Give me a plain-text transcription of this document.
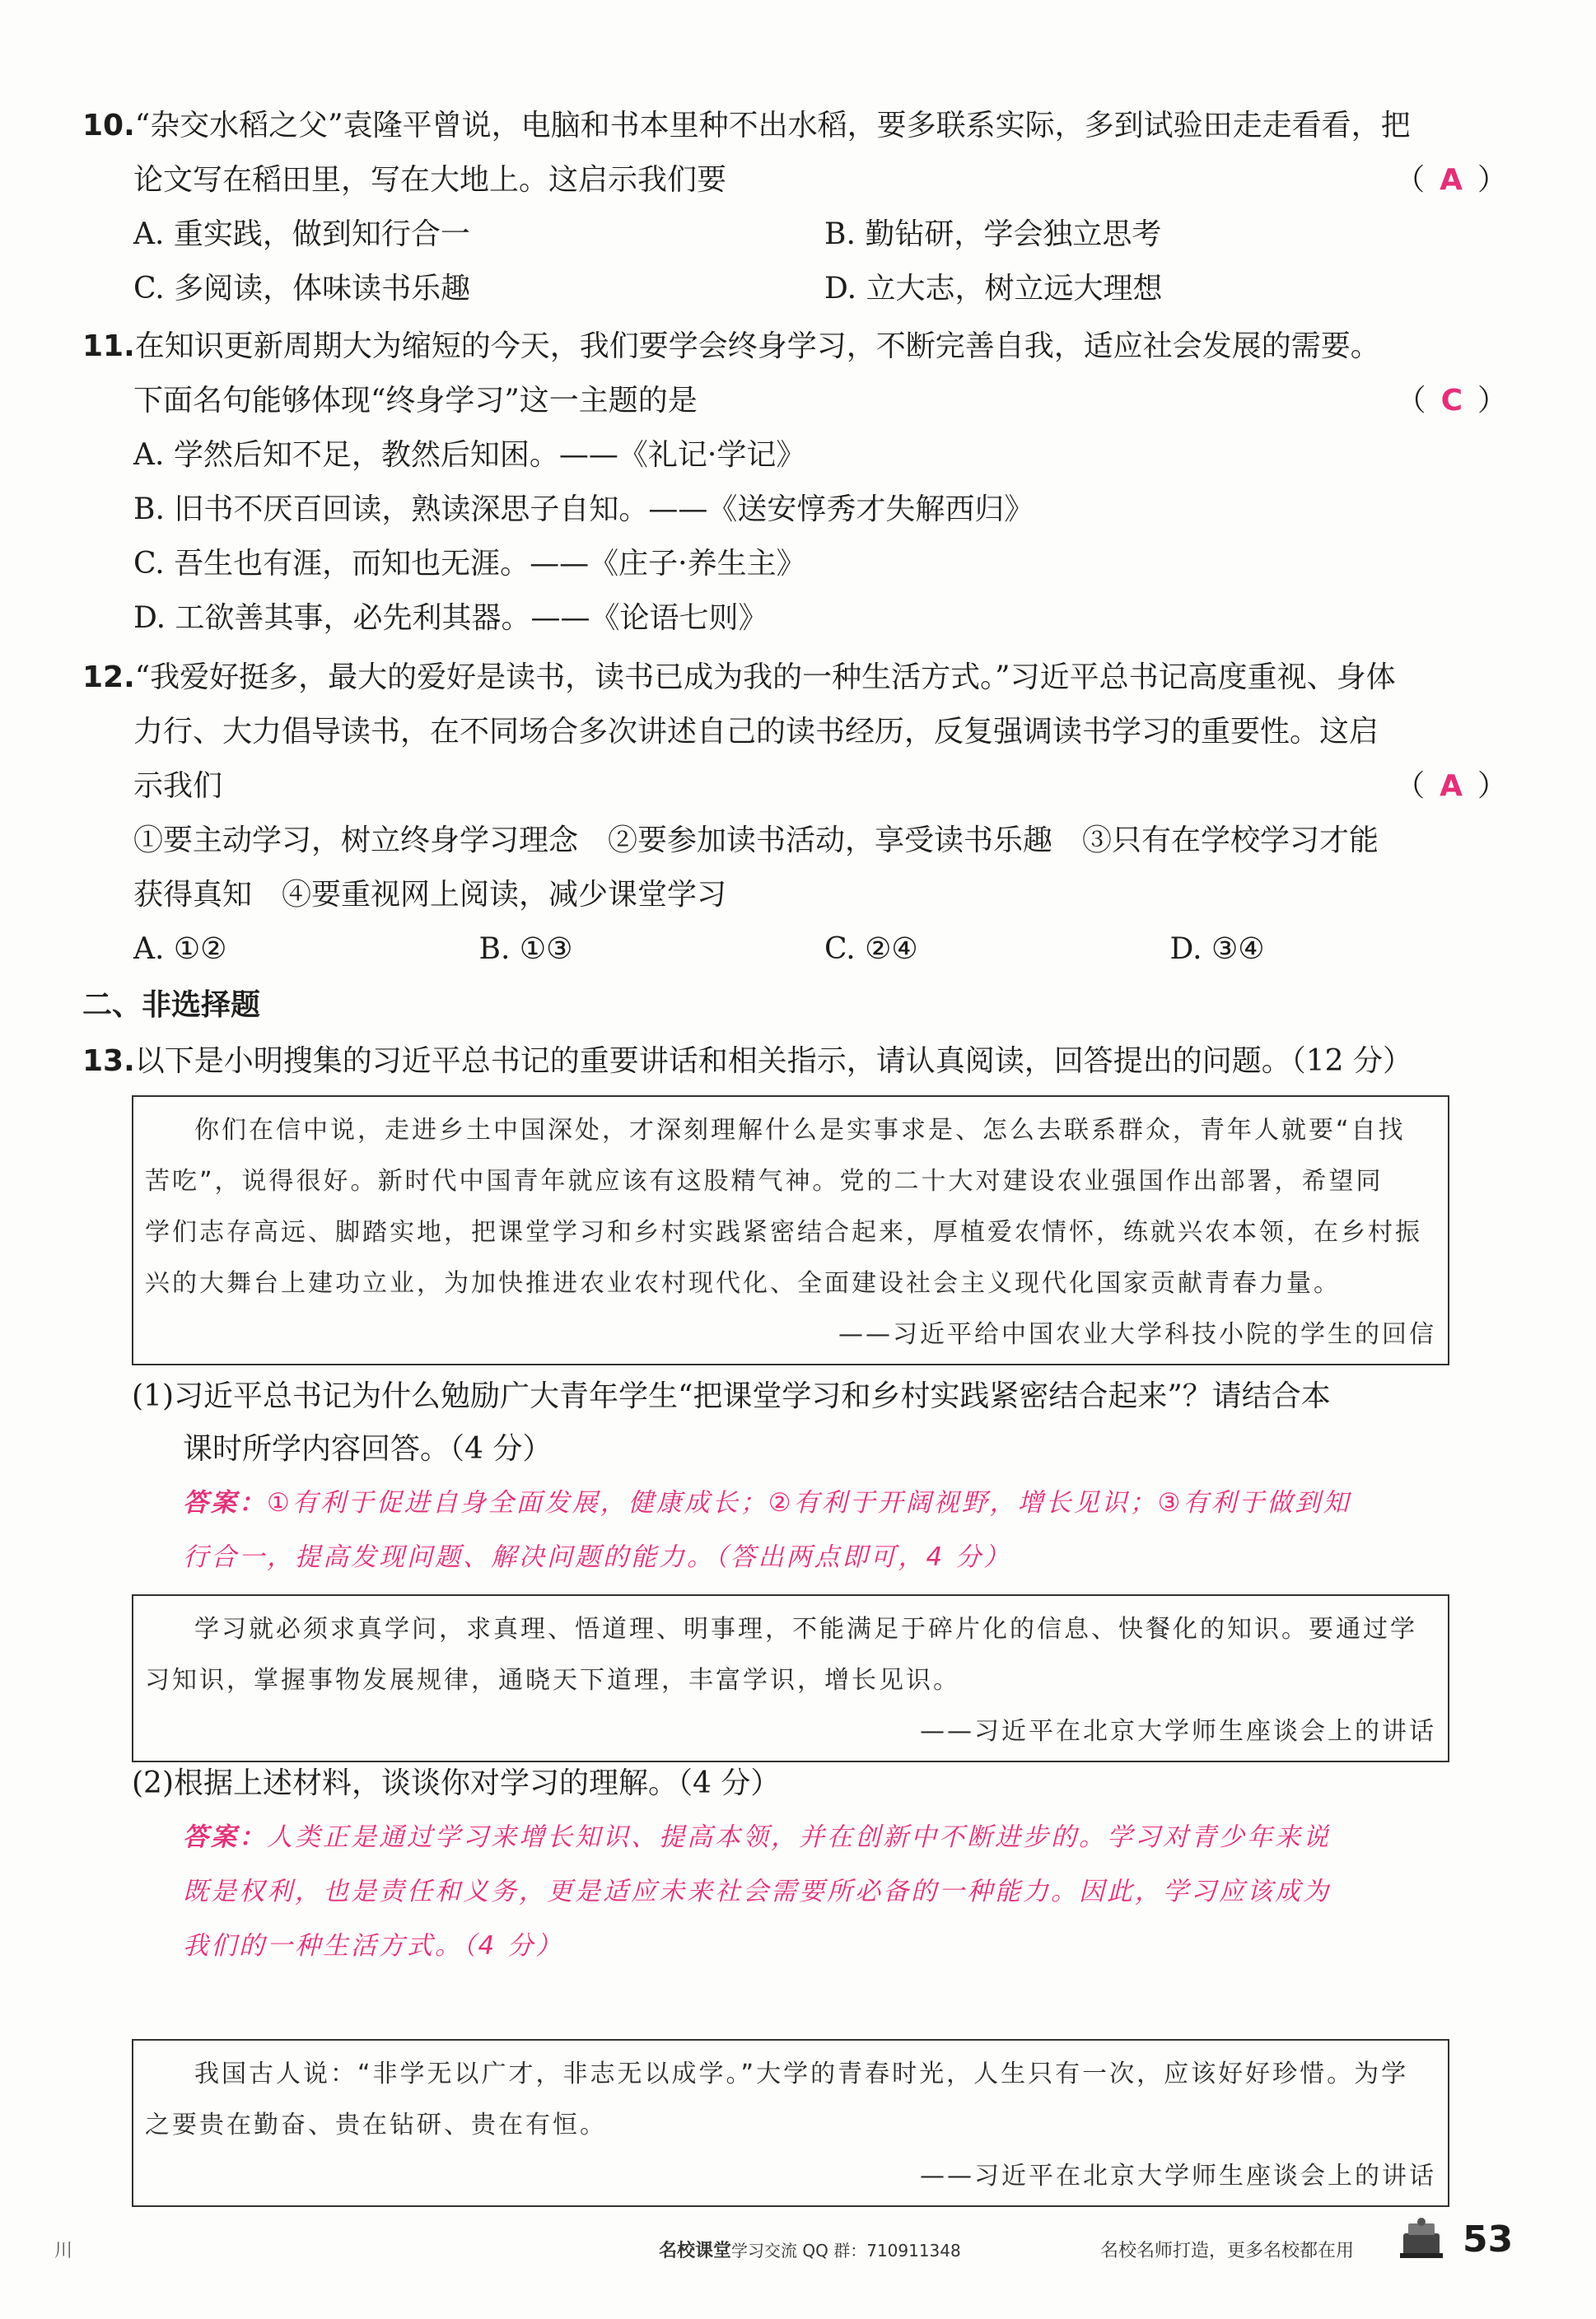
10.“杂交水稻之父”袁隆平曾说，电脑和书本里种不出水稻，要多联系实际，多到试验田走走看看，把
论文写在稻田里，写在大地上。这启示我们要	（ A ）
A. 重实践，做到知行合一	B. 勤钻研，学会独立思考
C. 多阅读，体味读书乐趣	D. 立大志，树立远大理想
11.在知识更新周期大为缩短的今天，我们要学会终身学习，不断完善自我，适应社会发展的需要。
下面名句能够体现“终身学习”这一主题的是	（ C ）
A. 学然后知不足，教然后知困。——《礼记·学记》
B. 旧书不厌百回读，熟读深思子自知。——《送安惇秀才失解西归》
C. 吾生也有涯，而知也无涯。——《庄子·养生主》
D. 工欲善其事，必先利其器。——《论语七则》
12.“我爱好挺多，最大的爱好是读书，读书已成为我的一种生活方式。”习近平总书记高度重视、身体
力行、大力倡导读书，在不同场合多次讲述自己的读书经历，反复强调读书学习的重要性。这启
示我们	（ A ）
①要主动学习，树立终身学习理念　②要参加读书活动，享受读书乐趣　③只有在学校学习才能
获得真知　④要重视网上阅读，减少课堂学习
A. ①②	B. ①③	C. ②④	D. ③④
二、非选择题
13.以下是小明搜集的习近平总书记的重要讲话和相关指示，请认真阅读，回答提出的问题。（12 分）
你们在信中说，走进乡土中国深处，才深刻理解什么是实事求是、怎么去联系群众，青年人就要“自找
苦吃”，说得很好。新时代中国青年就应该有这股精气神。党的二十大对建设农业强国作出部署，希望同
学们志存高远、脚踏实地，把课堂学习和乡村实践紧密结合起来，厚植爱农情怀，练就兴农本领，在乡村振
兴的大舞台上建功立业，为加快推进农业农村现代化、全面建设社会主义现代化国家贡献青春力量。
——习近平给中国农业大学科技小院的学生的回信
(1)习近平总书记为什么勉励广大青年学生“把课堂学习和乡村实践紧密结合起来”？请结合本
课时所学内容回答。（4 分）
答案：①有利于促进自身全面发展，健康成长；②有利于开阔视野，增长见识；③有利于做到知
行合一，提高发现问题、解决问题的能力。（答出两点即可，4 分）
学习就必须求真学问，求真理、悟道理、明事理，不能满足于碎片化的信息、快餐化的知识。要通过学
习知识，掌握事物发展规律，通晓天下道理，丰富学识，增长见识。
——习近平在北京大学师生座谈会上的讲话
(2)根据上述材料，谈谈你对学习的理解。（4 分）
答案：人类正是通过学习来增长知识、提高本领，并在创新中不断进步的。学习对青少年来说
既是权利，也是责任和义务，更是适应未来社会需要所必备的一种能力。因此，学习应该成为
我们的一种生活方式。（4 分）
我国古人说：“非学无以广才，非志无以成学。”大学的青春时光，人生只有一次，应该好好珍惜。为学
之要贵在勤奋、贵在钻研、贵在有恒。
——习近平在北京大学师生座谈会上的讲话
川	名校课堂学习交流 QQ 群：710911348	名校名师打造，更多名校都在用	53
